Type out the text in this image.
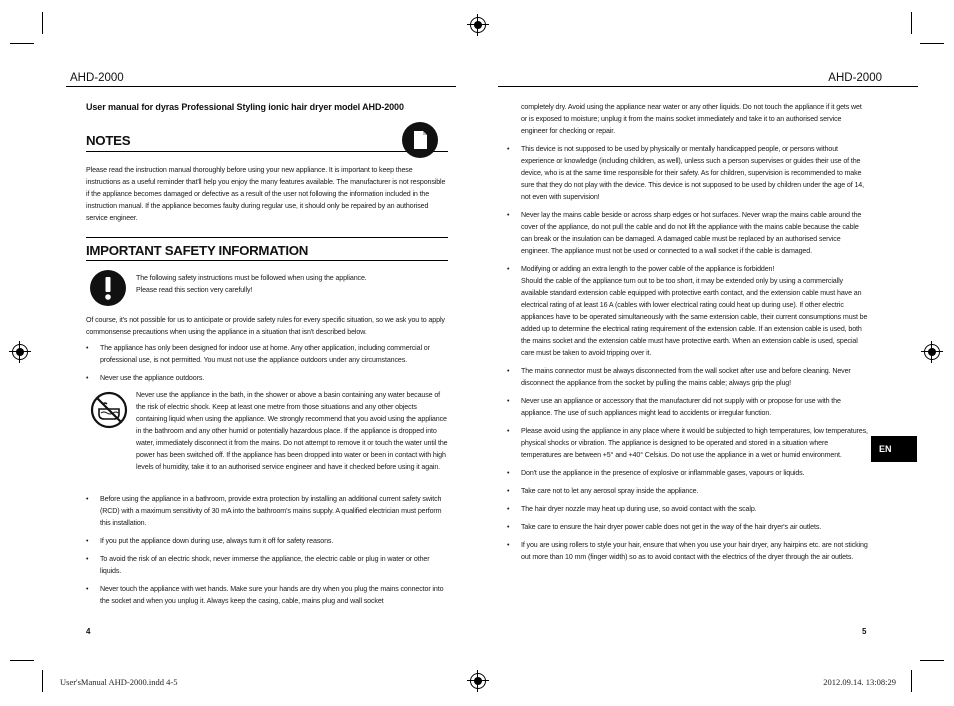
AHD-2000	AHD-2000
User manual for dyras Professional Styling ionic hair dryer model AHD-2000
NOTES
Please read the instruction manual thoroughly before using your new appliance. It is important to keep these instructions as a useful reminder that'll help you enjoy the many features available. The manufacturer is not responsible if the appliance becomes damaged or defective as a result of the user not following the information included in the instruction manual. If the appliance becomes faulty during regular use, it should only be repaired by an authorised service engineer.
IMPORTANT SAFETY INFORMATION
The following safety instructions must be followed when using the appliance.
Please read this section very carefully!
Of course, it's not possible for us to anticipate or provide safety rules for every specific situation, so we ask you to apply commonsense precautions when using the appliance in a situation that isn't described below.
• The appliance has only been designed for indoor use at home. Any other application, including commercial or professional use, is not permitted. You must not use the appliance outdoors under any circumstances.
• Never use the appliance outdoors.
Never use the appliance in the bath, in the shower or above a basin containing any water because of the risk of electric shock. Keep at least one metre from those situations and any other objects containing liquid when using the appliance. We strongly recommend that you avoid using the appliance in the bathroom and any other humid or potentially hazardous place. If the appliance is dropped into water, immediately disconnect it from the mains. Do not attempt to remove it or touch the water until the power has been switched off. If the appliance has been dropped into water or been in contact with high levels of humidity, take it to an authorised service engineer and have it checked before using it again.
• Before using the appliance in a bathroom, provide extra protection by installing an additional current safety switch (RCD) with a maximum sensitivity of 30 mA into the bathroom's mains supply. A qualified electrician must perform this installation.
• If you put the appliance down during use, always turn it off for safety reasons.
• To avoid the risk of an electric shock, never immerse the appliance, the electric cable or plug in water or other liquids.
• Never touch the appliance with wet hands. Make sure your hands are dry when you plug the mains connector into the socket and when you unplug it. Always keep the casing, cable, mains plug and wall socket
4
completely dry. Avoid using the appliance near water or any other liquids. Do not touch the appliance if it gets wet or is exposed to moisture; unplug it from the mains socket immediately and take it to an authorised service engineer for checking or repair.
• This device is not supposed to be used by physically or mentally handicapped people, or persons without experience or knowledge (including children, as well), unless such a person supervises or guides their use of the device, who is at the same time responsible for their safety. As for children, supervision is recommended to make sure that they do not play with the device. This device is not supposed to be used by children under the age of 14, not even with supervision!
• Never lay the mains cable beside or across sharp edges or hot surfaces. Never wrap the mains cable around the cover of the appliance, do not pull the cable and do not lift the appliance with the mains cable because the cable can break or the insulation can be damaged. A damaged cable must be replaced by an authorised service engineer. The appliance must not be used or connected to a wall socket if the cable is damaged.
• Modifying or adding an extra length to the power cable of the appliance is forbidden!
Should the cable of the appliance turn out to be too short, it may be extended only by using a commercially available standard extension cable equipped with protective earth contact, and the extension cable must have an electrical rating of at least 16 A (cables with lower electrical rating could heat up during use). If other electric appliances have to be operated simultaneously with the same extension cable, their current consumptions must be added up to determine the electrical rating requirement of the extension cable. If an extension cable is used, both the mains socket and the extension cable must have protective earth. When an extension cable is used, special care must be taken to avoid tripping over it.
• The mains connector must be always disconnected from the wall socket after use and before cleaning. Never disconnect the appliance from the socket by pulling the mains cable; always grip the plug!
• Never use an appliance or accessory that the manufacturer did not supply with or propose for use with the appliance. The use of such appliances might lead to accidents or irregular function.
• Please avoid using the appliance in any place where it would be subjected to high temperatures, low temperatures, physical shocks or vibration. The appliance is designed to be operated and stored in a situation where temperatures are between +5° and +40° Celsius. Do not use the appliance in a wet or humid environment.
• Don't use the appliance in the presence of explosive or inflammable gases, vapours or liquids.
• Take care not to let any aerosol spray inside the appliance.
• The hair dryer nozzle may heat up during use, so avoid contact with the scalp.
• Take care to ensure the hair dryer power cable does not get in the way of the hair dryer's air outlets.
• If you are using rollers to style your hair, ensure that when you use your hair dryer, any hairpins etc. are not sticking out more than 10 mm (finger width) so as to avoid contact with the electrics of the dryer through the air outlets.
EN
5
User'sManual AHD-2000.indd 4-5	2012.09.14. 13:08:29
